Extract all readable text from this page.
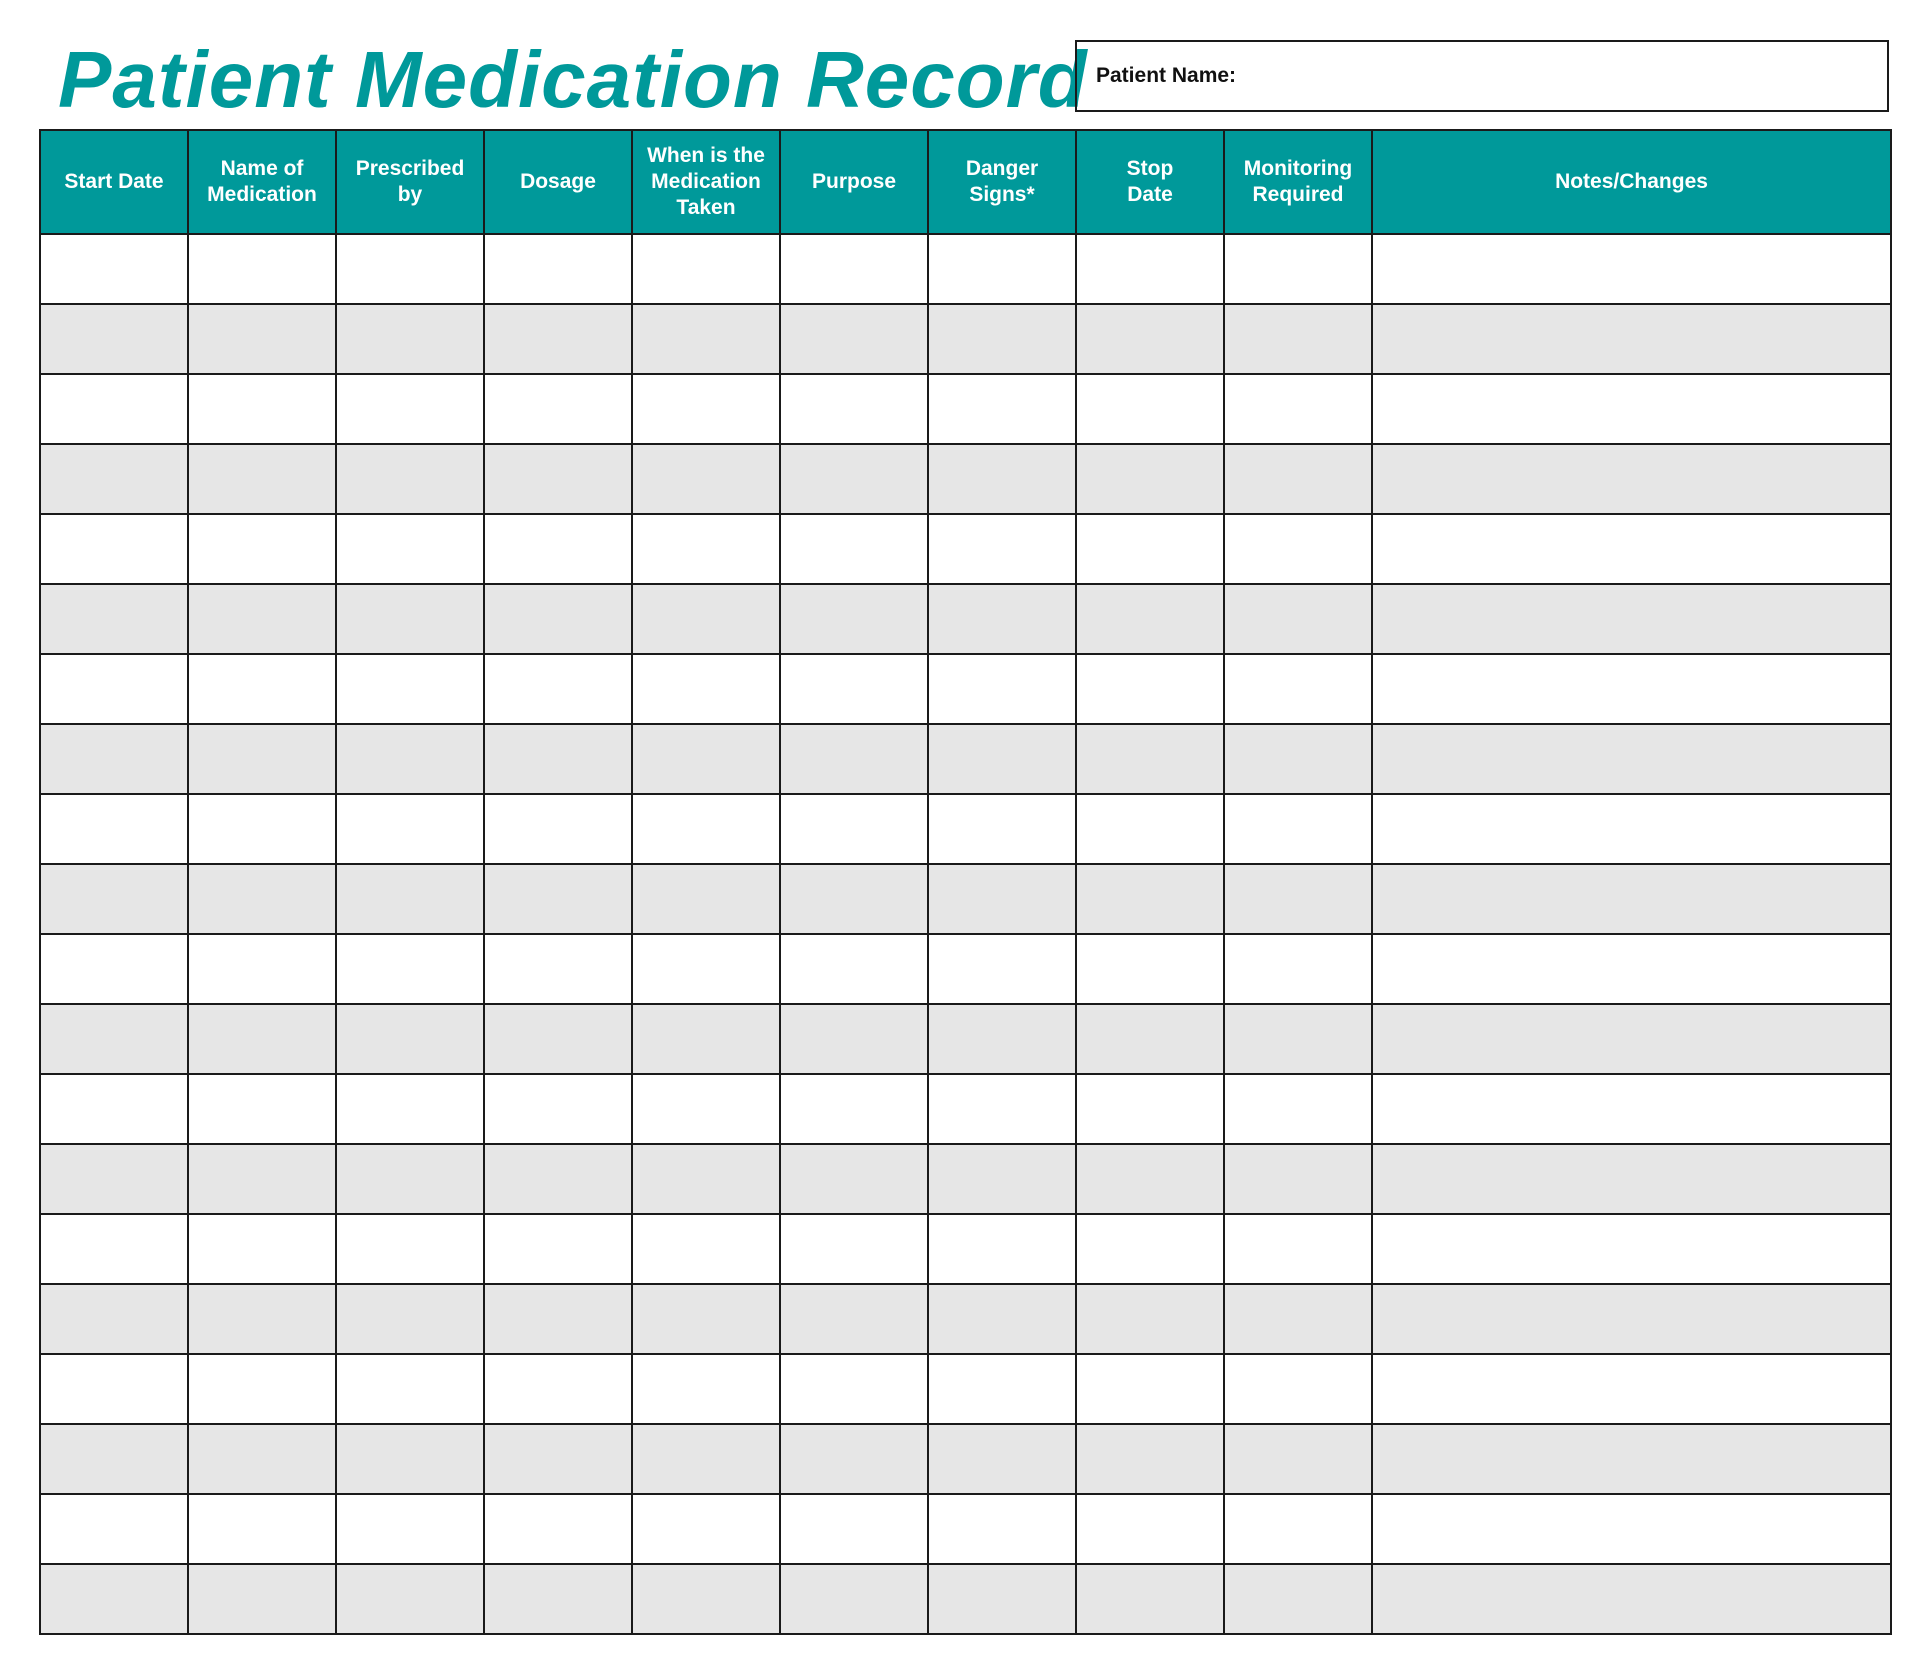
Patient Medication Record Patient Name:
Start Date	Name of Medication	Prescribed by	Dosage	When is the Medication Taken	Purpose	Danger Signs*	Stop Date	Monitoring Required	Notes/Changes
